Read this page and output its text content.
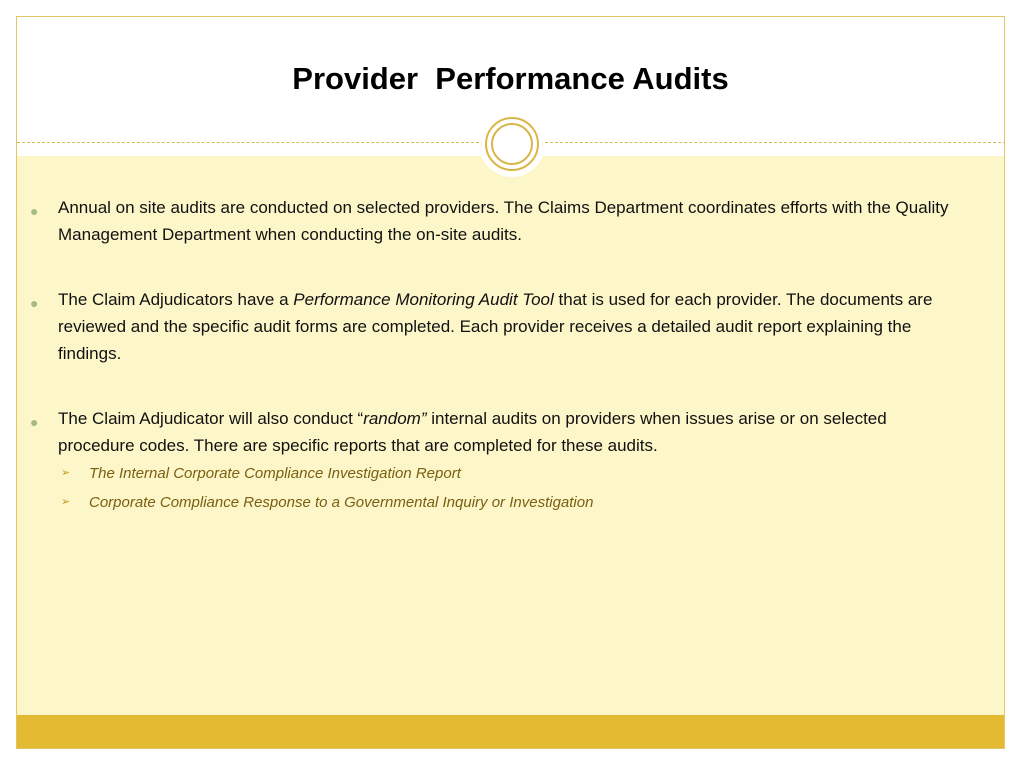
Provider  Performance Audits
● Annual on site audits are conducted on selected providers. The Claims Department coordinates efforts with the Quality Management Department when conducting the on-site audits.
● The Claim Adjudicators have a Performance Monitoring Audit Tool that is used for each provider. The documents are reviewed and the specific audit forms are completed. Each provider receives a detailed audit report explaining the findings.
● The Claim Adjudicator will also conduct “random” internal audits on providers when issues arise or on selected procedure codes. There are specific reports that are completed for these audits.
➢ The Internal Corporate Compliance Investigation Report
➢ Corporate Compliance Response to a Governmental Inquiry or Investigation
